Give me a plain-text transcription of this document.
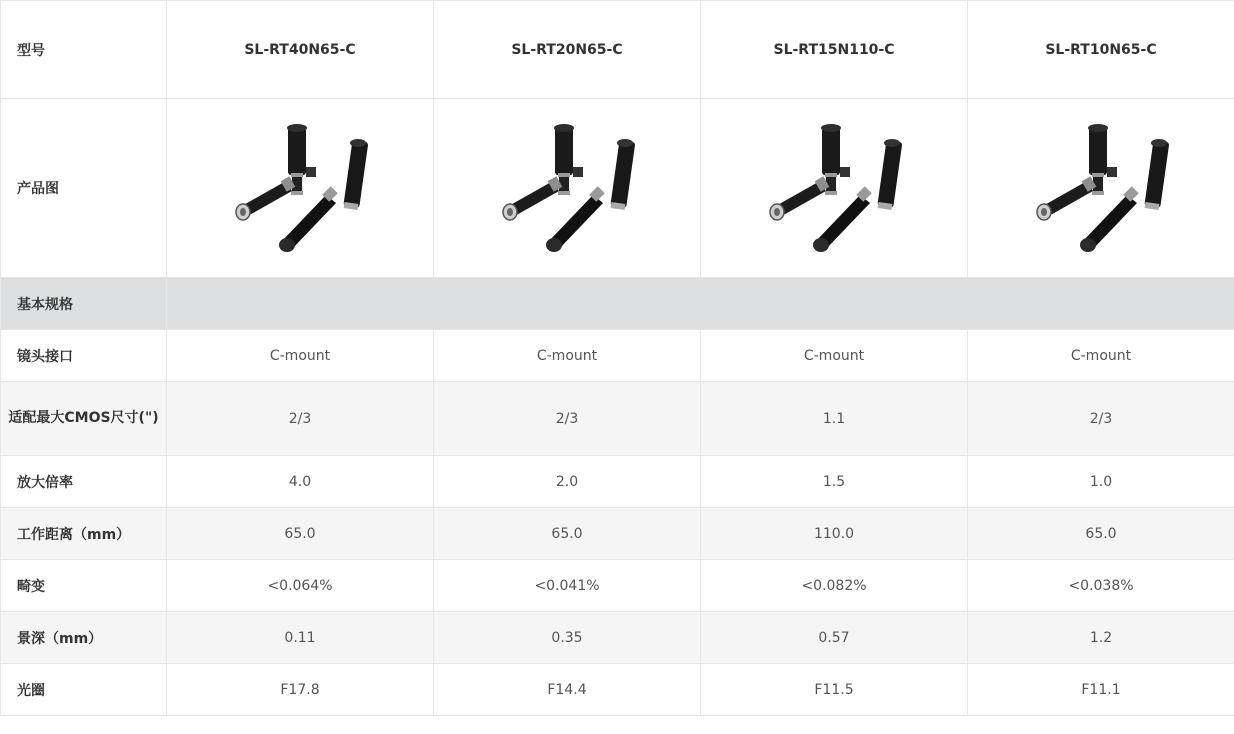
型号	SL-RT40N65-C	SL-RT20N65-C	SL-RT15N110-C	SL-RT10N65-C
产品图	

基本规格				
镜头接口	C-mount	C-mount	C-mount	C-mount
适配最大CMOS尺寸(")	2/3	2/3	1.1	2/3
放大倍率	4.0	2.0	1.5	1.0
工作距离（mm）	65.0	65.0	110.0	65.0
畸变	<0.064%	<0.041%	<0.082%	<0.038%
景深（mm）	0.11	0.35	0.57	1.2
光圈	F17.8	F14.4	F11.5	F11.1
